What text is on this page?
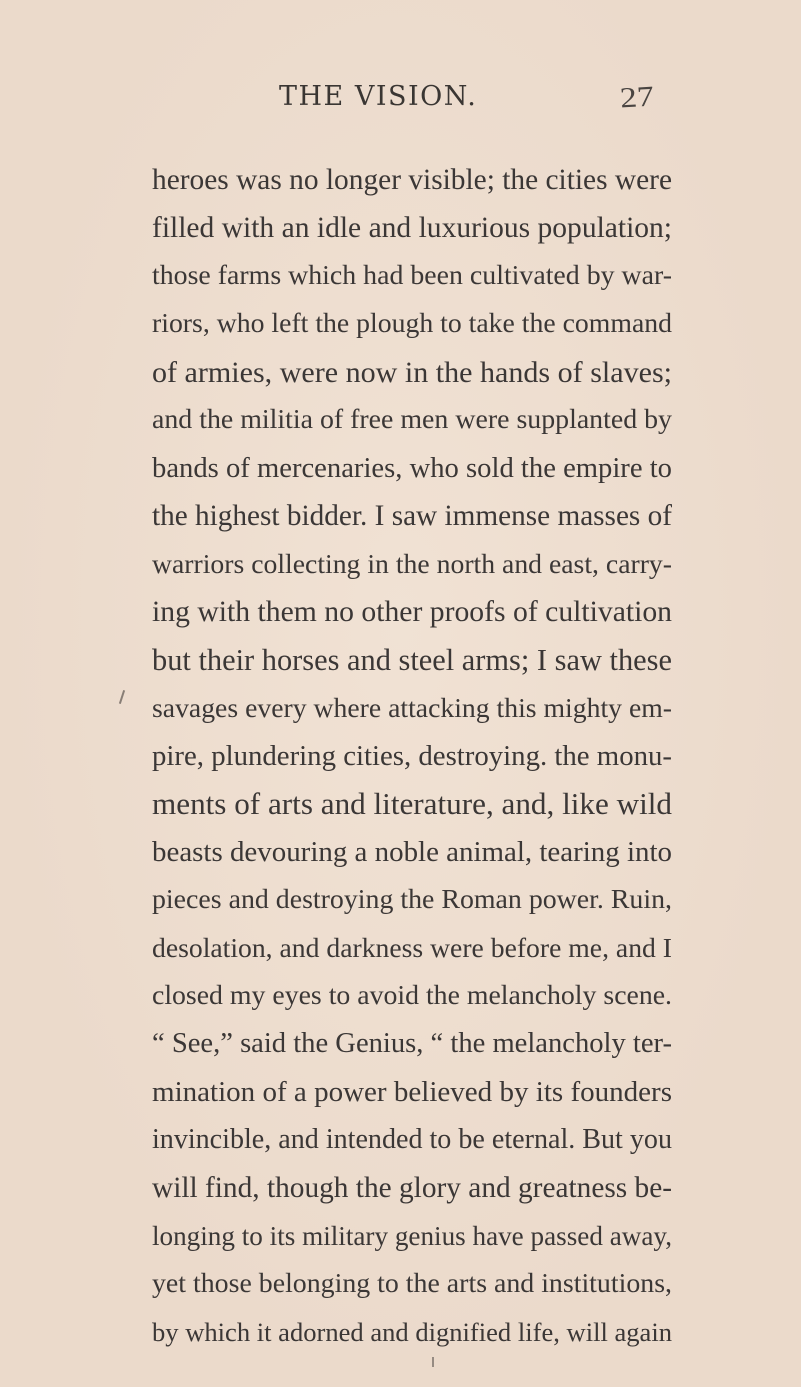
THE VISION.	27
heroes was no longer visible; the cities were
filled with an idle and luxurious population;
those farms which had been cultivated by war-
riors, who left the plough to take the command
of armies, were now in the hands of slaves;
and the militia of free men were supplanted by
bands of mercenaries, who sold the empire to
the highest bidder. I saw immense masses of
warriors collecting in the north and east, carry-
ing with them no other proofs of cultivation
but their horses and steel arms; I saw these
savages every where attacking this mighty em-
pire, plundering cities, destroying. the monu-
ments of arts and literature, and, like wild
beasts devouring a noble animal, tearing into
pieces and destroying the Roman power. Ruin,
desolation, and darkness were before me, and I
closed my eyes to avoid the melancholy scene.
“ See,” said the Genius, “ the melancholy ter-
mination of a power believed by its founders
invincible, and intended to be eternal. But you
will find, though the glory and greatness be-
longing to its military genius have passed away,
yet those belonging to the arts and institutions,
by which it adorned and dignified life, will again
